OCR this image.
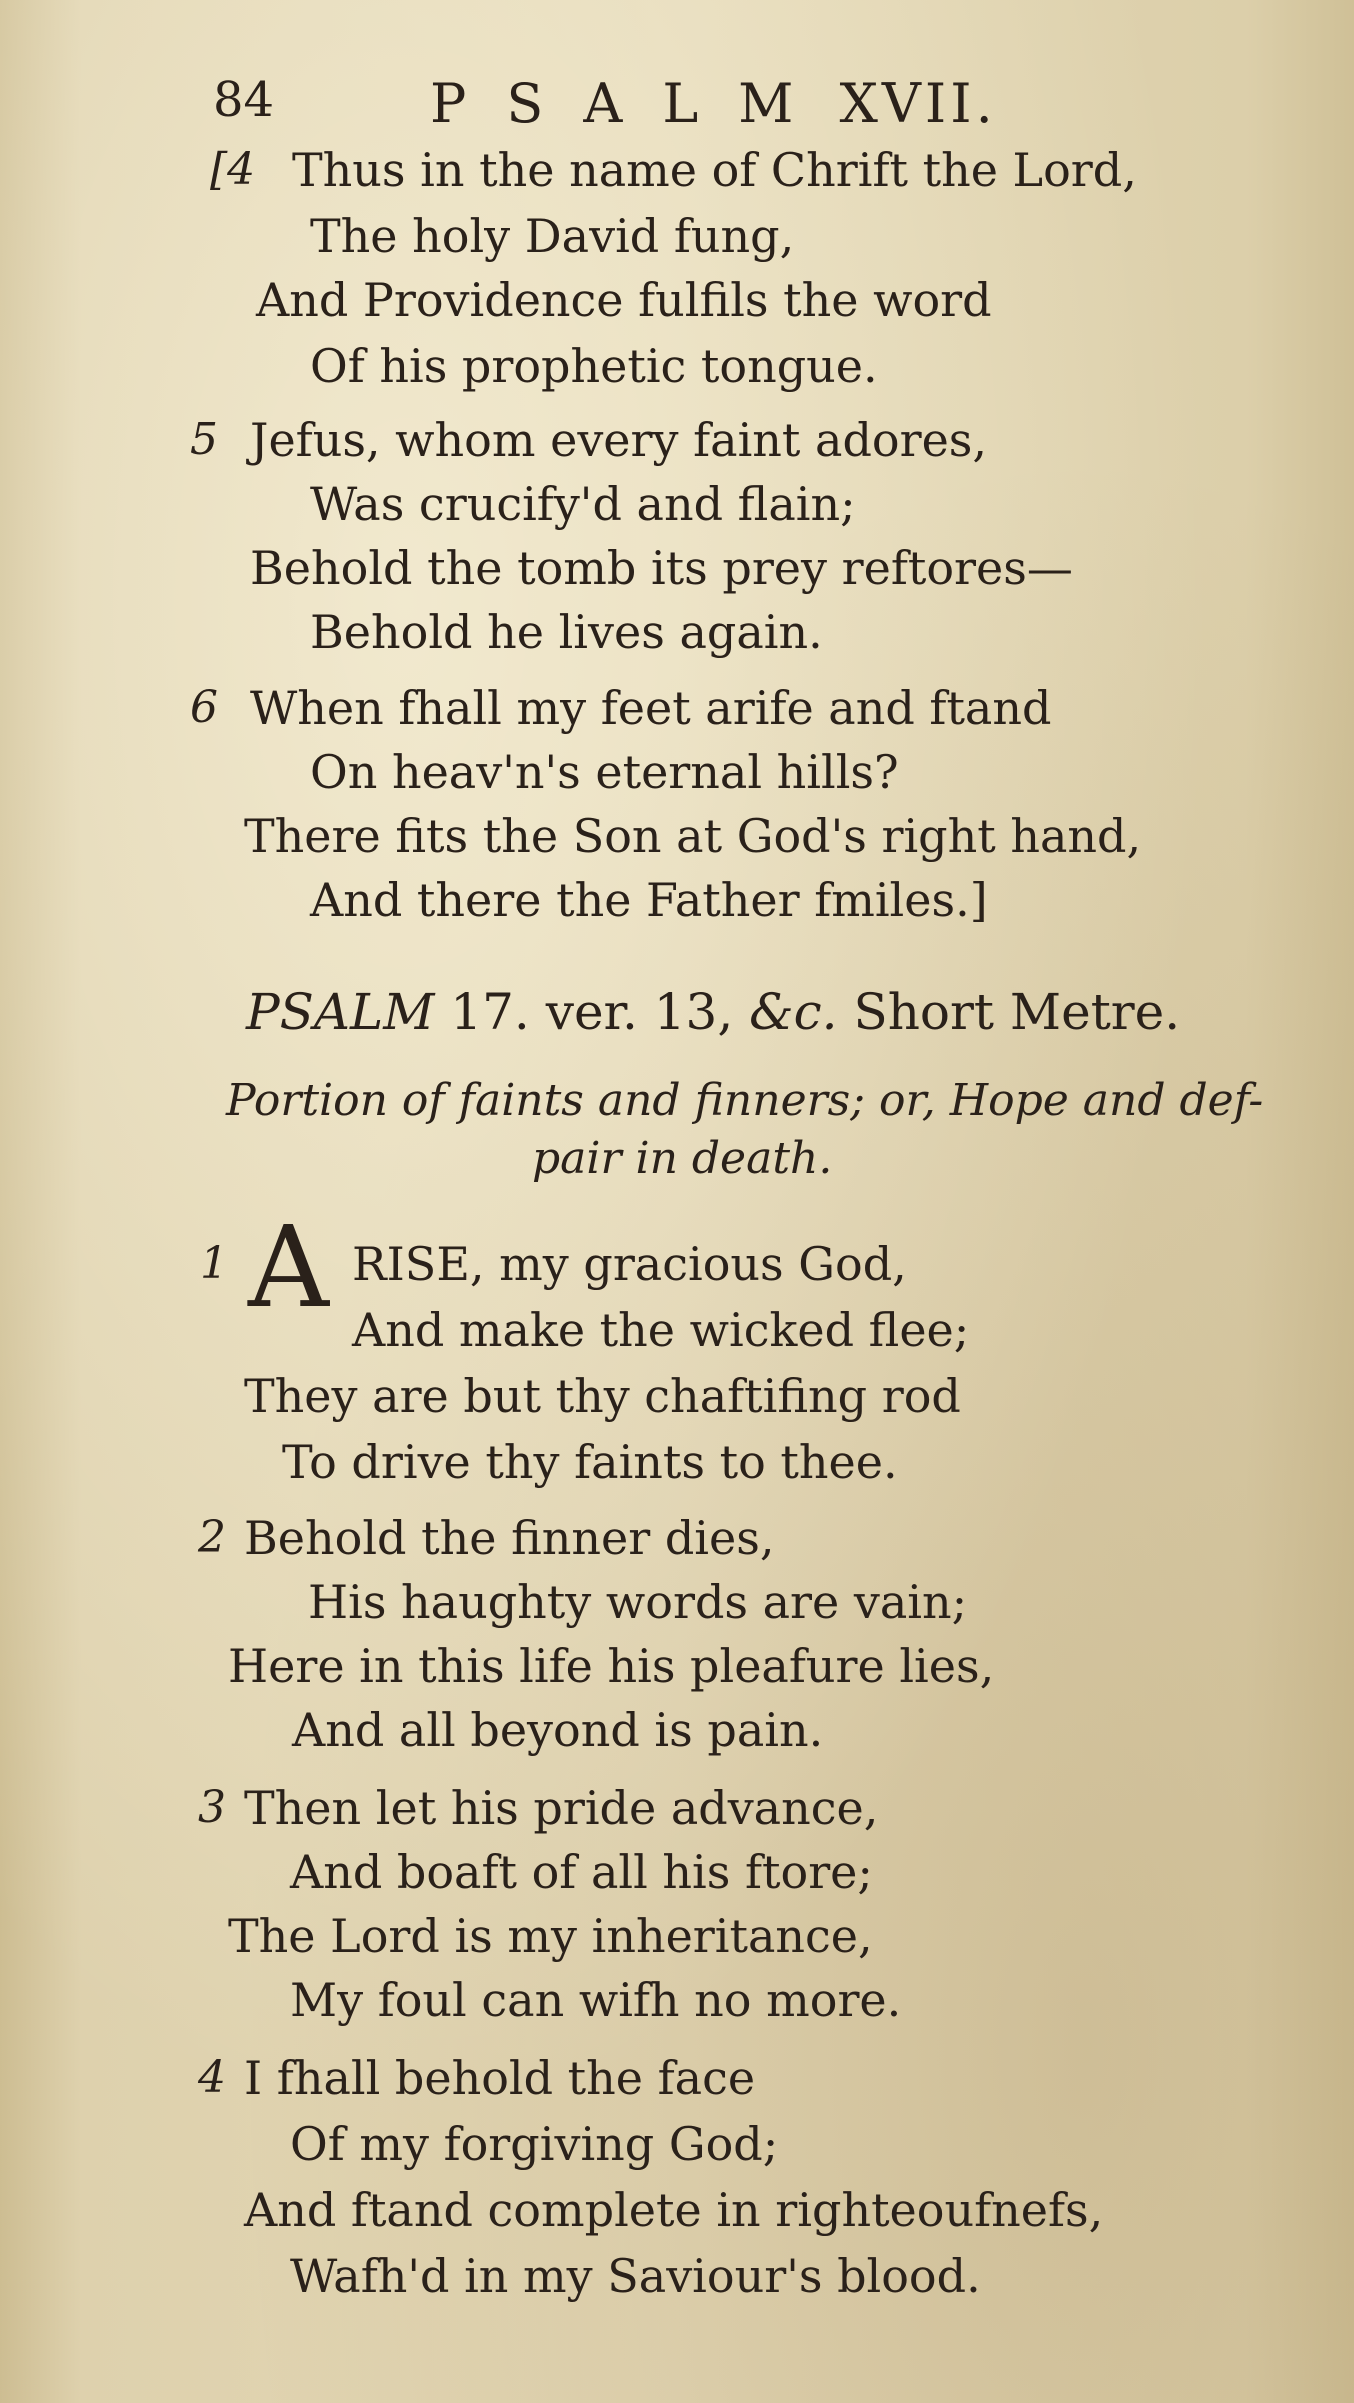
84	PSALM XVII.
[4 Thus in the name of Chrift the Lord,
The holy David fung,
And Providence fulfils the word
Of his prophetic tongue.
5 Jefus, whom every faint adores,
Was crucify'd and flain;
Behold the tomb its prey reftores—
Behold he lives again.
6 When fhall my feet arife and ftand
On heav'n's eternal hills?
There fits the Son at God's right hand,
And there the Father fmiles.]
PSALM 17. ver. 13, &c. Short Metre.
Portion of faints and finners; or, Hope and def-
pair in death.
1 A RISE, my gracious God,
And make the wicked flee;
They are but thy chaftifing rod
To drive thy faints to thee.
2 Behold the finner dies,
His haughty words are vain;
Here in this life his pleafure lies,
And all beyond is pain.
3 Then let his pride advance,
And boaft of all his ftore;
The Lord is my inheritance,
My foul can wifh no more.
4 I fhall behold the face
Of my forgiving God;
And ftand complete in righteoufnefs,
Wafh'd in my Saviour's blood.
